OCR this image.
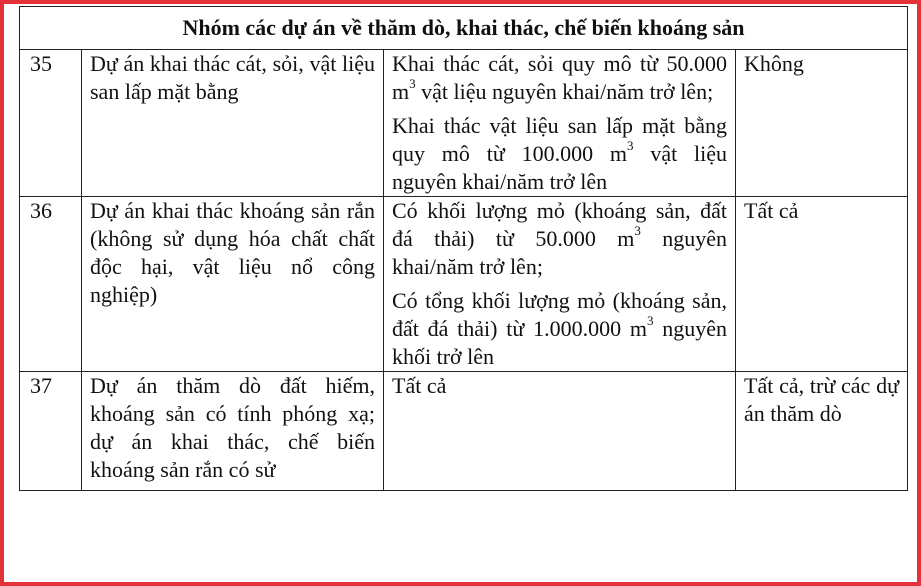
Nhóm các dự án về thăm dò, khai thác, chế biến khoáng sản			
35	Dự án khai thác cát, sỏi, vật liệu san lấp mặt bằng	Khai thác cát, sỏi quy mô từ 50.000 $m^3$ vật liệu nguyên khai/năm trở lên;

Khai thác vật liệu san lấp mặt bằng quy mô từ 100.000 $m^3$ vật liệu nguyên khai/năm trở lên	Không
36	Dự án khai thác khoáng sản rắn (không sử dụng hóa chất chất độc hại, vật liệu nổ công nghiệp)	Có khối lượng mỏ (khoáng sản, đất đá thải) từ 50.000 $m^3$ nguyên khai/năm trở lên;

Có tổng khối lượng mỏ (khoáng sản, đất đá thải) từ 1.000.000 $m^3$ nguyên khối trở lên	Tất cả
37	Dự án thăm dò đất hiếm, khoáng sản có tính phóng xạ; dự án khai thác, chế biến khoáng sản rắn có sử	Tất cả	Tất cả, trừ các dự án thăm dò
